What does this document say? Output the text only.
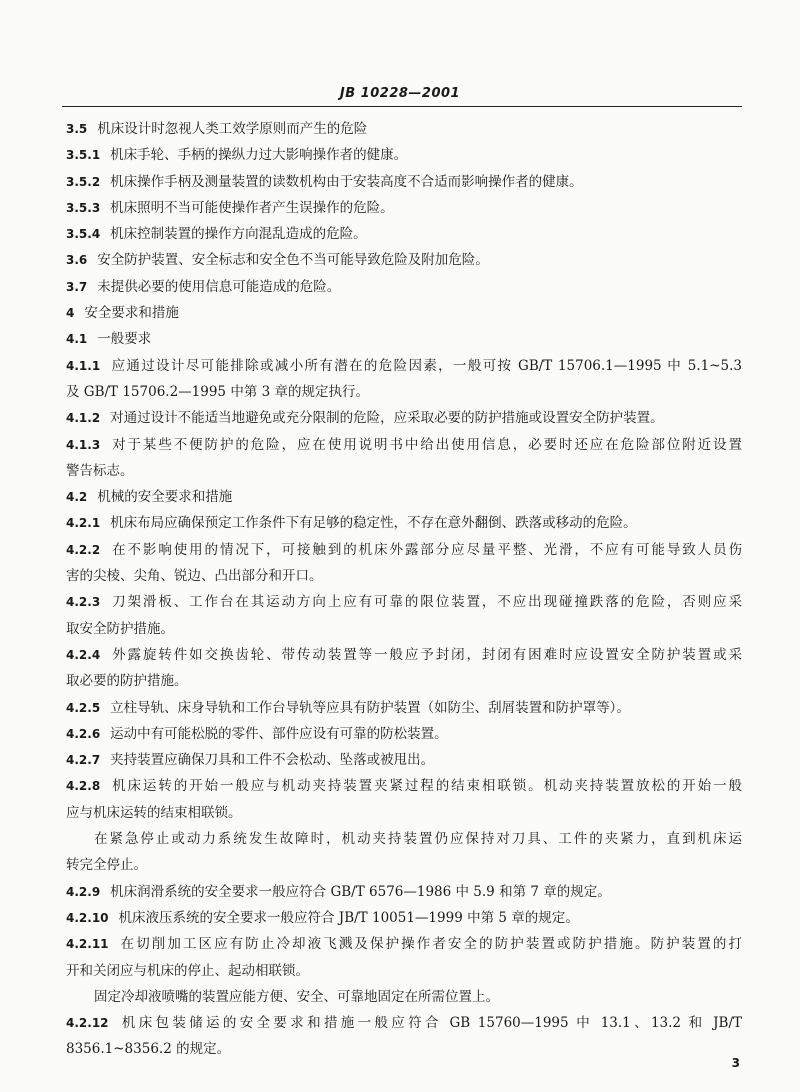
JB 10228—2001
3.5 机床设计时忽视人类工效学原则而产生的危险
3.5.1 机床手轮、手柄的操纵力过大影响操作者的健康。
3.5.2 机床操作手柄及测量装置的读数机构由于安装高度不合适而影响操作者的健康。
3.5.3 机床照明不当可能使操作者产生误操作的危险。
3.5.4 机床控制装置的操作方向混乱造成的危险。
3.6 安全防护装置、安全标志和安全色不当可能导致危险及附加危险。
3.7 未提供必要的使用信息可能造成的危险。
4 安全要求和措施
4.1 一般要求
4.1.1 应通过设计尽可能排除或减小所有潜在的危险因素，一般可按 GB/T 15706.1—1995 中 5.1~5.3
及 GB/T 15706.2—1995 中第 3 章的规定执行。
4.1.2 对通过设计不能适当地避免或充分限制的危险，应采取必要的防护措施或设置安全防护装置。
4.1.3 对于某些不便防护的危险，应在使用说明书中给出使用信息，必要时还应在危险部位附近设置
警告标志。
4.2 机械的安全要求和措施
4.2.1 机床布局应确保预定工作条件下有足够的稳定性，不存在意外翻倒、跌落或移动的危险。
4.2.2 在不影响使用的情况下，可接触到的机床外露部分应尽量平整、光滑，不应有可能导致人员伤
害的尖棱、尖角、锐边、凸出部分和开口。
4.2.3 刀架滑板、工作台在其运动方向上应有可靠的限位装置，不应出现碰撞跌落的危险，否则应采
取安全防护措施。
4.2.4 外露旋转件如交换齿轮、带传动装置等一般应予封闭，封闭有困难时应设置安全防护装置或采
取必要的防护措施。
4.2.5 立柱导轨、床身导轨和工作台导轨等应具有防护装置（如防尘、刮屑装置和防护罩等）。
4.2.6 运动中有可能松脱的零件、部件应设有可靠的防松装置。
4.2.7 夹持装置应确保刀具和工件不会松动、坠落或被甩出。
4.2.8 机床运转的开始一般应与机动夹持装置夹紧过程的结束相联锁。机动夹持装置放松的开始一般
应与机床运转的结束相联锁。
在紧急停止或动力系统发生故障时，机动夹持装置仍应保持对刀具、工件的夹紧力，直到机床运
转完全停止。
4.2.9 机床润滑系统的安全要求一般应符合 GB/T 6576—1986 中 5.9 和第 7 章的规定。
4.2.10 机床液压系统的安全要求一般应符合 JB/T 10051—1999 中第 5 章的规定。
4.2.11 在切削加工区应有防止冷却液飞溅及保护操作者安全的防护装置或防护措施。防护装置的打
开和关闭应与机床的停止、起动相联锁。
固定冷却液喷嘴的装置应能方便、安全、可靠地固定在所需位置上。
4.2.12 机床包装储运的安全要求和措施一般应符合 GB 15760—1995 中 13.1、13.2 和 JB/T
8356.1~8356.2 的规定。
3
